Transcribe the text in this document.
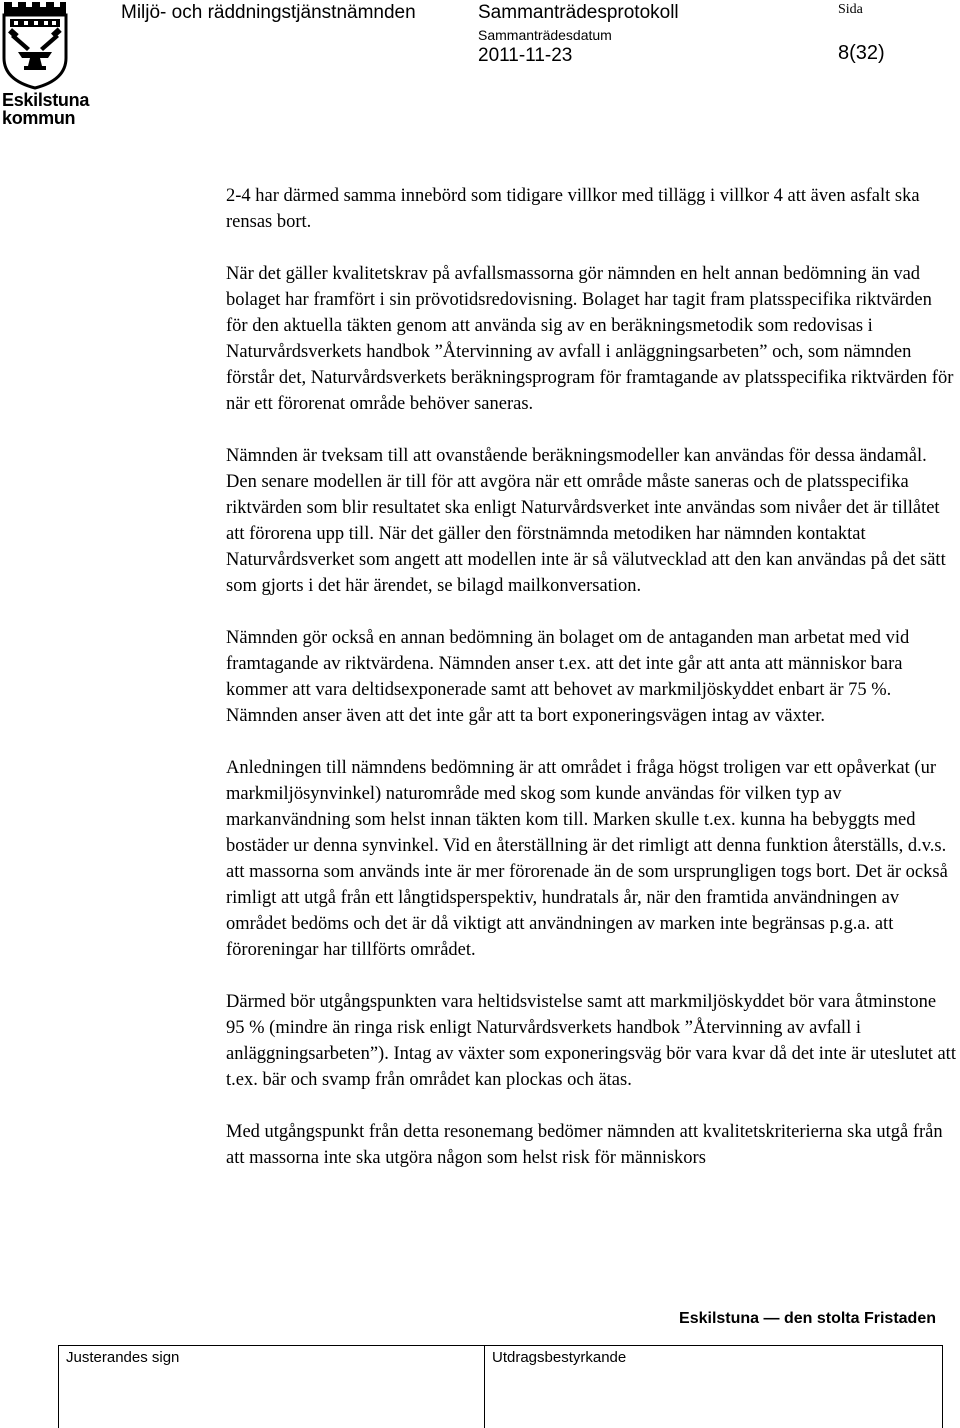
Eskilstuna
kommun
Miljö- och räddningstjänstnämnden	Sammanträdesprotokoll	Sida
Sammanträdesdatum
2011-11-23	8(32)

2-4 har därmed samma innebörd som tidigare villkor med tillägg i villkor 4 att även asfalt ska rensas bort.

När det gäller kvalitetskrav på avfallsmassorna gör nämnden en helt annan bedömning än vad bolaget har framfört i sin prövotidsredovisning. Bolaget har tagit fram platsspecifika riktvärden för den aktuella täkten genom att använda sig av en beräkningsmetodik som redovisas i Naturvårdsverkets handbok ”Återvinning av avfall i anläggningsarbeten” och, som nämnden förstår det, Naturvårdsverkets beräkningsprogram för framtagande av platsspecifika riktvärden för när ett förorenat område behöver saneras.

Nämnden är tveksam till att ovanstående beräkningsmodeller kan användas för dessa ändamål. Den senare modellen är till för att avgöra när ett område måste saneras och de platsspecifika riktvärden som blir resultatet ska enligt Naturvårdsverket inte användas som nivåer det är tillåtet att förorena upp till. När det gäller den förstnämnda metodiken har nämnden kontaktat Naturvårdsverket som angett att modellen inte är så välutvecklad att den kan användas på det sätt som gjorts i det här ärendet, se bilagd mailkonversation.

Nämnden gör också en annan bedömning än bolaget om de antaganden man arbetat med vid framtagande av riktvärdena. Nämnden anser t.ex. att det inte går att anta att människor bara kommer att vara deltidsexponerade samt att behovet av markmiljöskyddet enbart är 75 %. Nämnden anser även att det inte går att ta bort exponeringsvägen intag av växter.

Anledningen till nämndens bedömning är att området i fråga högst troligen var ett opåverkat (ur markmiljösynvinkel) naturområde med skog som kunde användas för vilken typ av markanvändning som helst innan täkten kom till. Marken skulle t.ex. kunna ha bebyggts med bostäder ur denna synvinkel. Vid en återställning är det rimligt att denna funktion återställs, d.v.s. att massorna som används inte är mer förorenade än de som ursprungligen togs bort. Det är också rimligt att utgå från ett långtidsperspektiv, hundratals år, när den framtida användningen av området bedöms och det är då viktigt att användningen av marken inte begränsas p.g.a. att föroreningar har tillförts området.

Därmed bör utgångspunkten vara heltidsvistelse samt att markmiljöskyddet bör vara åtminstone 95 % (mindre än ringa risk enligt Naturvårdsverkets handbok ”Återvinning av avfall i anläggningsarbeten”). Intag av växter som exponeringsväg bör vara kvar då det inte är uteslutet att t.ex. bär och svamp från området kan plockas och ätas.

Med utgångspunkt från detta resonemang bedömer nämnden att kvalitetskriterierna ska utgå från att massorna inte ska utgöra någon som helst risk för människors

Eskilstuna — den stolta Fristaden
Justerandes sign	Utdragsbestyrkande
